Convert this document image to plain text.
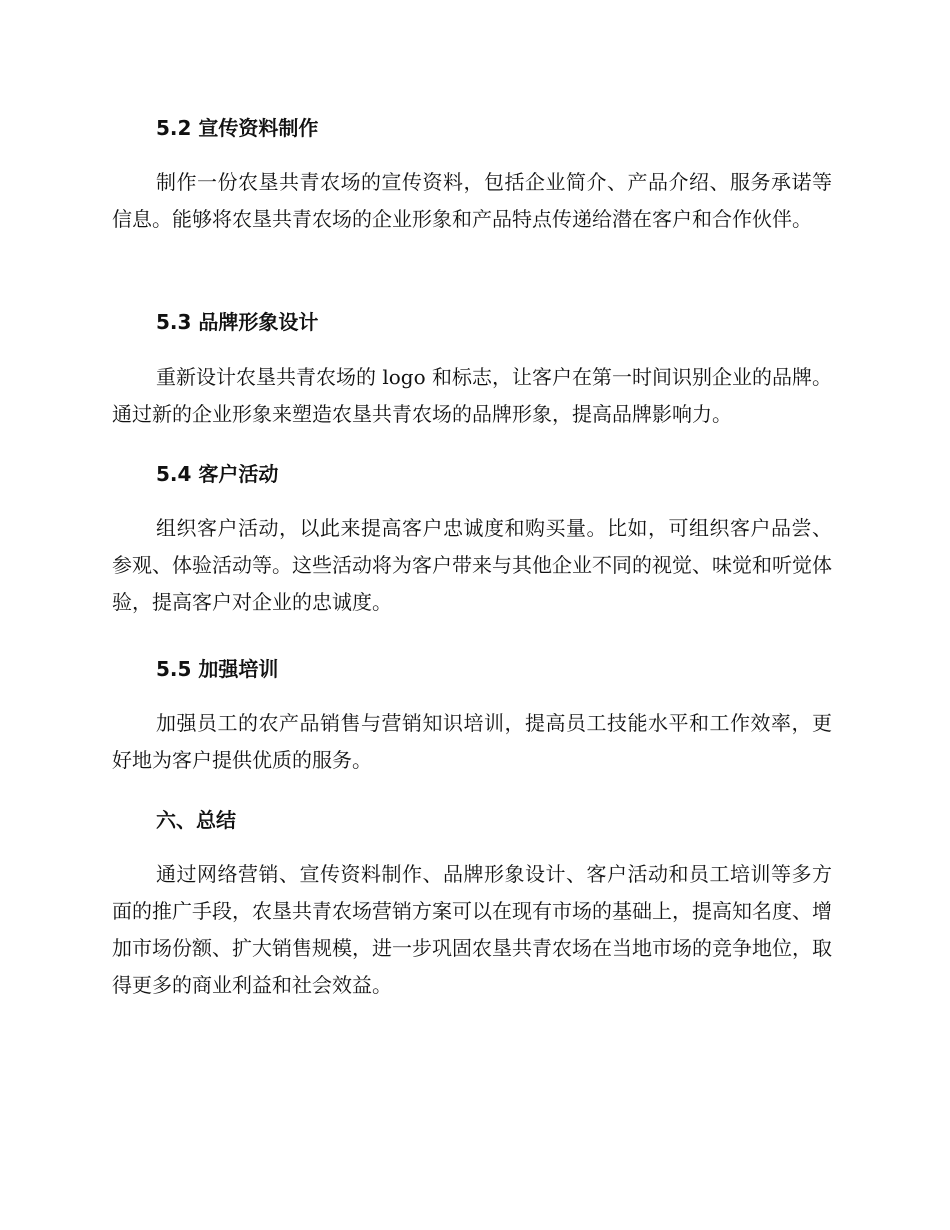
5.2 宣传资料制作

制作一份农垦共青农场的宣传资料，包括企业简介、产品介绍、服务承诺等信息。能够将农垦共青农场的企业形象和产品特点传递给潜在客户和合作伙伴。

5.3 品牌形象设计

重新设计农垦共青农场的 logo 和标志，让客户在第一时间识别企业的品牌。通过新的企业形象来塑造农垦共青农场的品牌形象，提高品牌影响力。

5.4 客户活动

组织客户活动，以此来提高客户忠诚度和购买量。比如，可组织客户品尝、参观、体验活动等。这些活动将为客户带来与其他企业不同的视觉、味觉和听觉体验，提高客户对企业的忠诚度。

5.5 加强培训

加强员工的农产品销售与营销知识培训，提高员工技能水平和工作效率，更好地为客户提供优质的服务。

六、总结

通过网络营销、宣传资料制作、品牌形象设计、客户活动和员工培训等多方面的推广手段，农垦共青农场营销方案可以在现有市场的基础上，提高知名度、增加市场份额、扩大销售规模，进一步巩固农垦共青农场在当地市场的竞争地位，取得更多的商业利益和社会效益。
